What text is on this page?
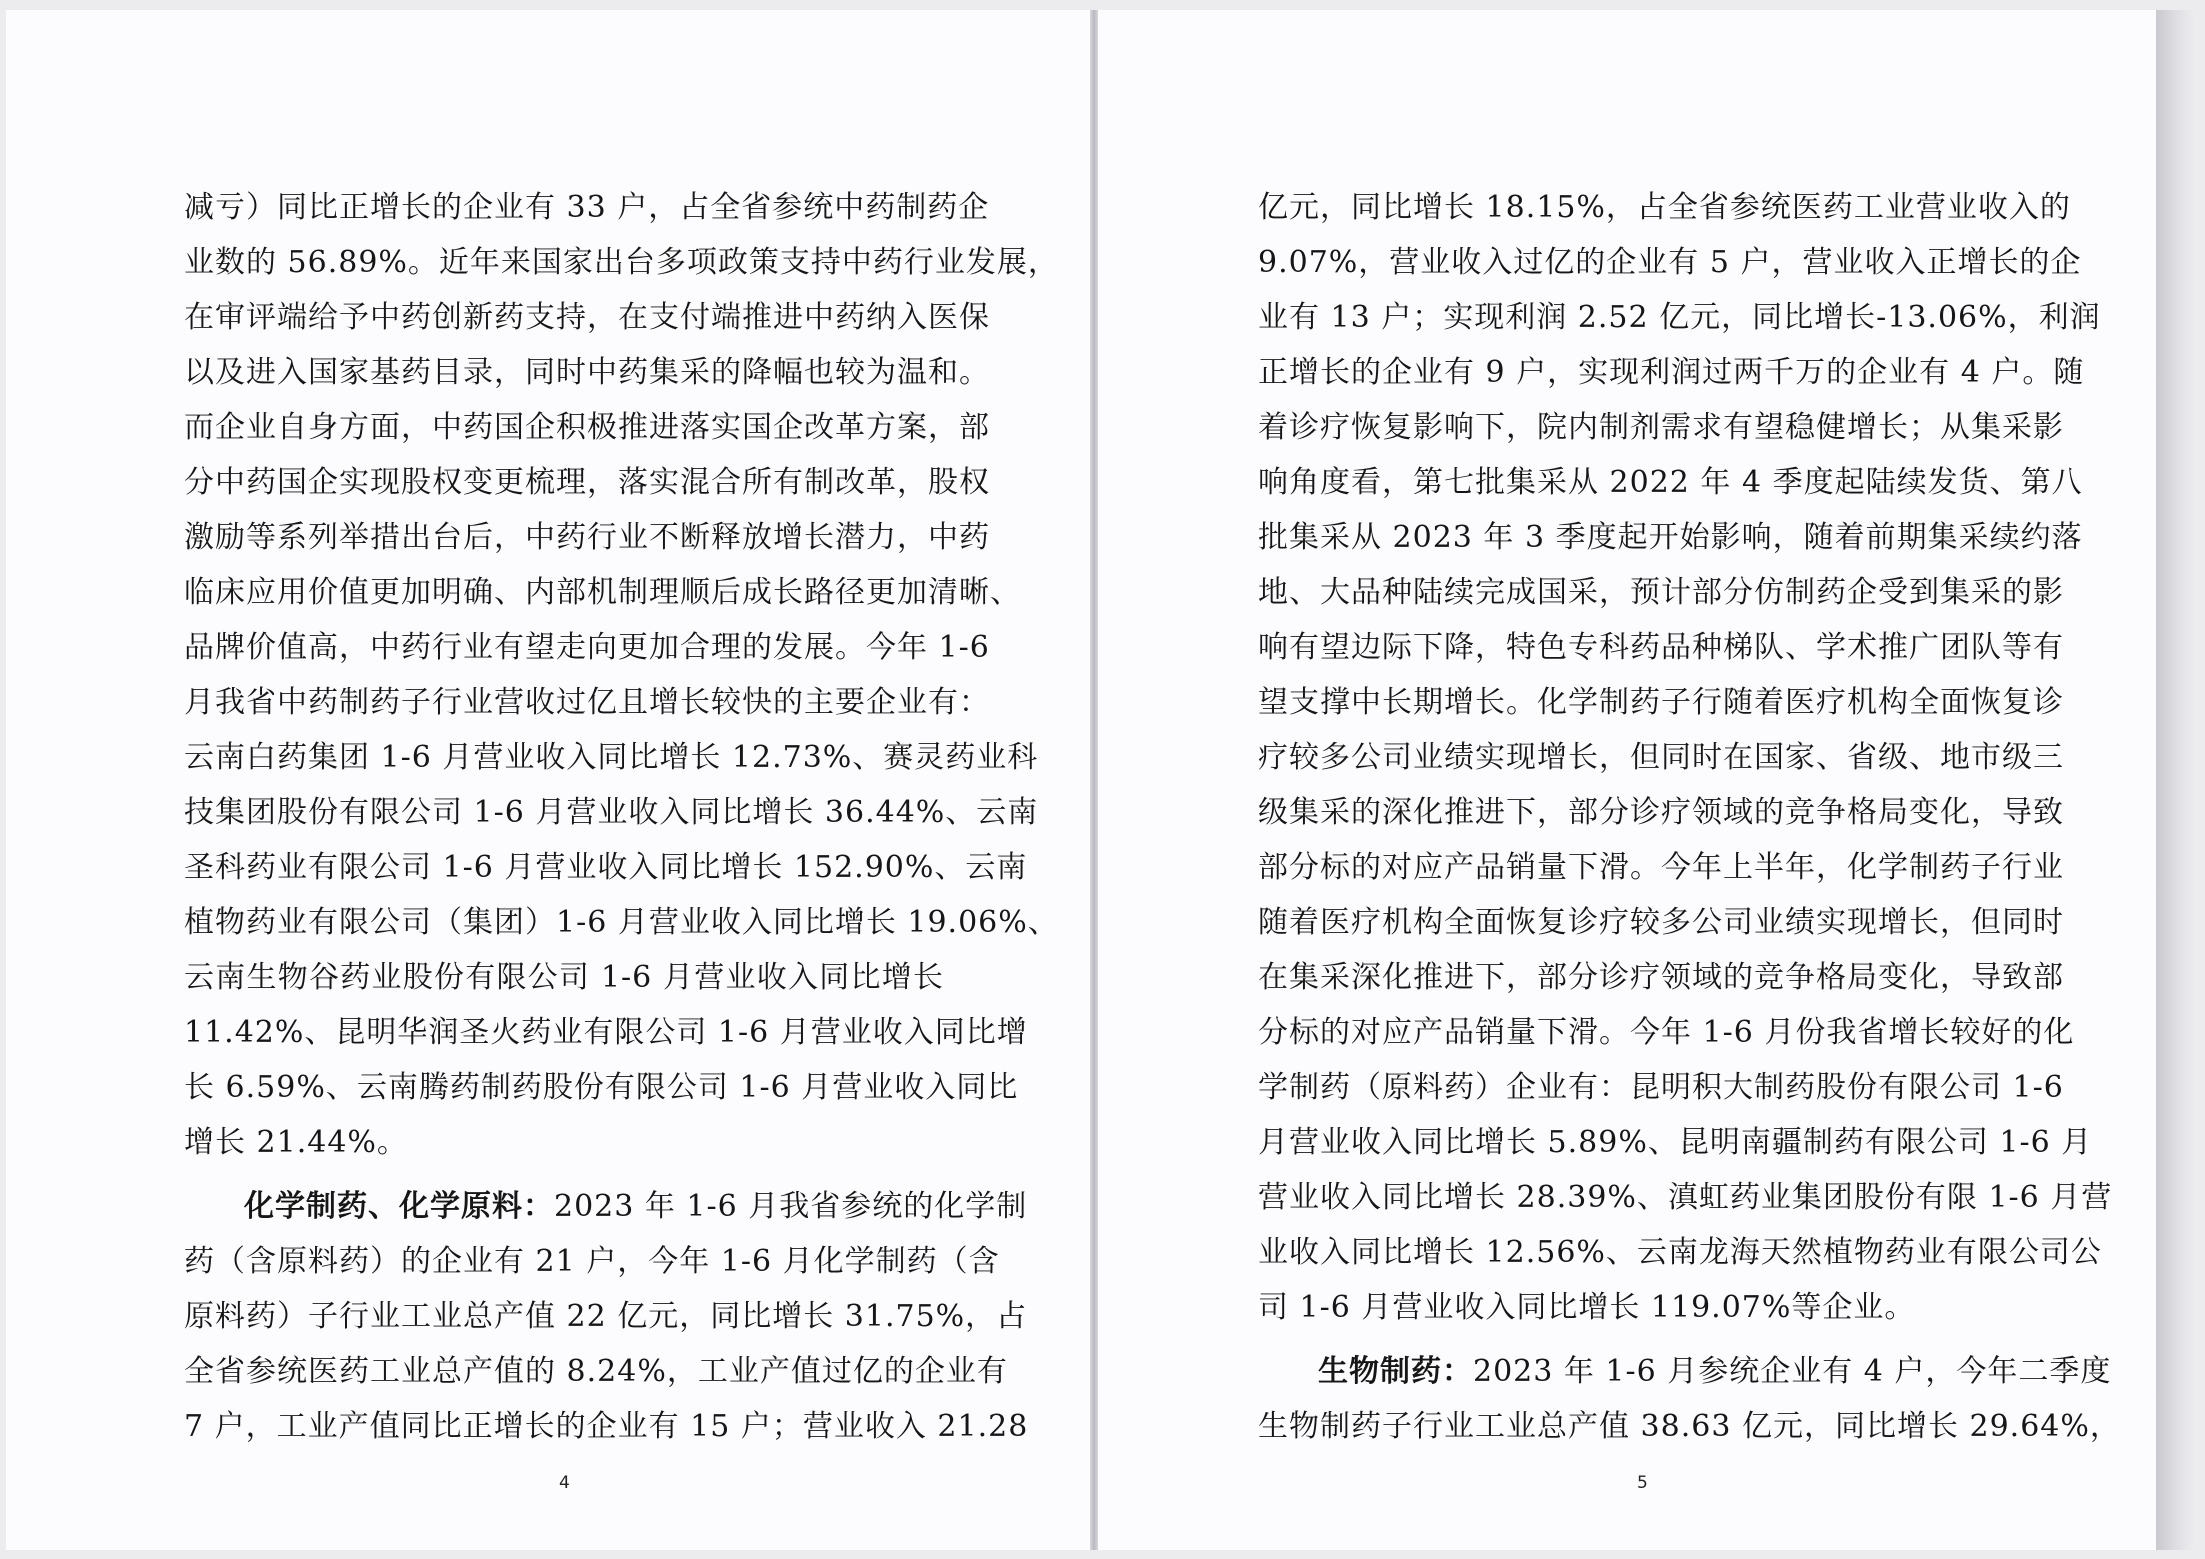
减亏）同比正增长的企业有 33 户，占全省参统中药制药企
业数的 56.89%。近年来国家出台多项政策支持中药行业发展，
在审评端给予中药创新药支持，在支付端推进中药纳入医保
以及进入国家基药目录，同时中药集采的降幅也较为温和。
而企业自身方面，中药国企积极推进落实国企改革方案，部
分中药国企实现股权变更梳理，落实混合所有制改革，股权
激励等系列举措出台后，中药行业不断释放增长潜力，中药
临床应用价值更加明确、内部机制理顺后成长路径更加清晰、
品牌价值高，中药行业有望走向更加合理的发展。今年 1-6
月我省中药制药子行业营收过亿且增长较快的主要企业有：
云南白药集团 1-6 月营业收入同比增长 12.73%、赛灵药业科
技集团股份有限公司 1-6 月营业收入同比增长 36.44%、云南
圣科药业有限公司 1-6 月营业收入同比增长 152.90%、云南
植物药业有限公司（集团）1-6 月营业收入同比增长 19.06%、
云南生物谷药业股份有限公司 1-6 月营业收入同比增长
11.42%、昆明华润圣火药业有限公司 1-6 月营业收入同比增
长 6.59%、云南腾药制药股份有限公司 1-6 月营业收入同比
增长 21.44%。
化学制药、化学原料：2023 年 1-6 月我省参统的化学制
药（含原料药）的企业有 21 户，今年 1-6 月化学制药（含
原料药）子行业工业总产值 22 亿元，同比增长 31.75%，占
全省参统医药工业总产值的 8.24%，工业产值过亿的企业有
7 户，工业产值同比正增长的企业有 15 户；营业收入 21.28
4
亿元，同比增长 18.15%，占全省参统医药工业营业收入的
9.07%，营业收入过亿的企业有 5 户，营业收入正增长的企
业有 13 户；实现利润 2.52 亿元，同比增长-13.06%，利润
正增长的企业有 9 户，实现利润过两千万的企业有 4 户。随
着诊疗恢复影响下，院内制剂需求有望稳健增长；从集采影
响角度看，第七批集采从 2022 年 4 季度起陆续发货、第八
批集采从 2023 年 3 季度起开始影响，随着前期集采续约落
地、大品种陆续完成国采，预计部分仿制药企受到集采的影
响有望边际下降，特色专科药品种梯队、学术推广团队等有
望支撑中长期增长。化学制药子行随着医疗机构全面恢复诊
疗较多公司业绩实现增长，但同时在国家、省级、地市级三
级集采的深化推进下，部分诊疗领域的竞争格局变化，导致
部分标的对应产品销量下滑。今年上半年，化学制药子行业
随着医疗机构全面恢复诊疗较多公司业绩实现增长，但同时
在集采深化推进下，部分诊疗领域的竞争格局变化，导致部
分标的对应产品销量下滑。今年 1-6 月份我省增长较好的化
学制药（原料药）企业有：昆明积大制药股份有限公司 1-6
月营业收入同比增长 5.89%、昆明南疆制药有限公司 1-6 月
营业收入同比增长 28.39%、滇虹药业集团股份有限 1-6 月营
业收入同比增长 12.56%、云南龙海天然植物药业有限公司公
司 1-6 月营业收入同比增长 119.07%等企业。
生物制药：2023 年 1-6 月参统企业有 4 户，今年二季度
生物制药子行业工业总产值 38.63 亿元，同比增长 29.64%，
5
